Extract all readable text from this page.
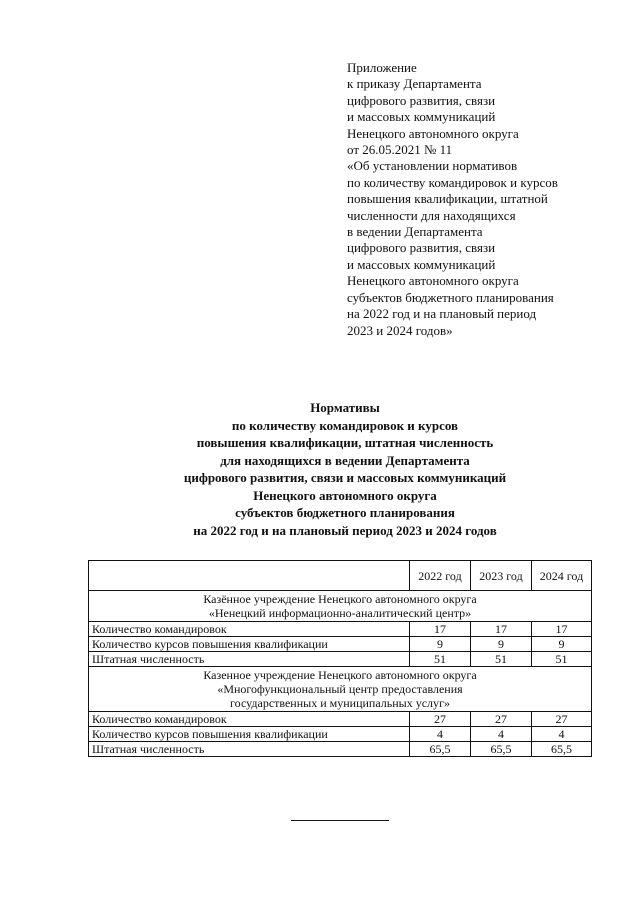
Приложение
к приказу Департамента
цифрового развития, связи
и массовых коммуникаций
Ненецкого автономного округа
от 26.05.2021 № 11
«Об установлении нормативов
по количеству командировок и курсов
повышения квалификации, штатной
численности для находящихся
в ведении Департамента
цифрового развития, связи
и массовых коммуникаций
Ненецкого автономного округа
субъектов бюджетного планирования
на 2022 год и на плановый период
2023 и 2024 годов»
Нормативы
по количеству командировок и курсов
повышения квалификации, штатная численность
для находящихся в ведении Департамента
цифрового развития, связи и массовых коммуникаций
Ненецкого автономного округа
субъектов бюджетного планирования
на 2022 год и на плановый период 2023 и 2024 годов
	2022 год	2023 год	2024 год

Казённое учреждение Ненецкого автономного округа
«Ненецкий информационно-аналитический центр»			

Количество командировок	17	17	17
Количество курсов повышения квалификации	9	9	9
Штатная численность	51	51	51

Казенное учреждение Ненецкого автономного округа
«Многофункциональный центр предоставления
государственных и муниципальных услуг»			

Количество командировок	27	27	27
Количество курсов повышения квалификации	4	4	4
Штатная численность	65,5	65,5	65,5
